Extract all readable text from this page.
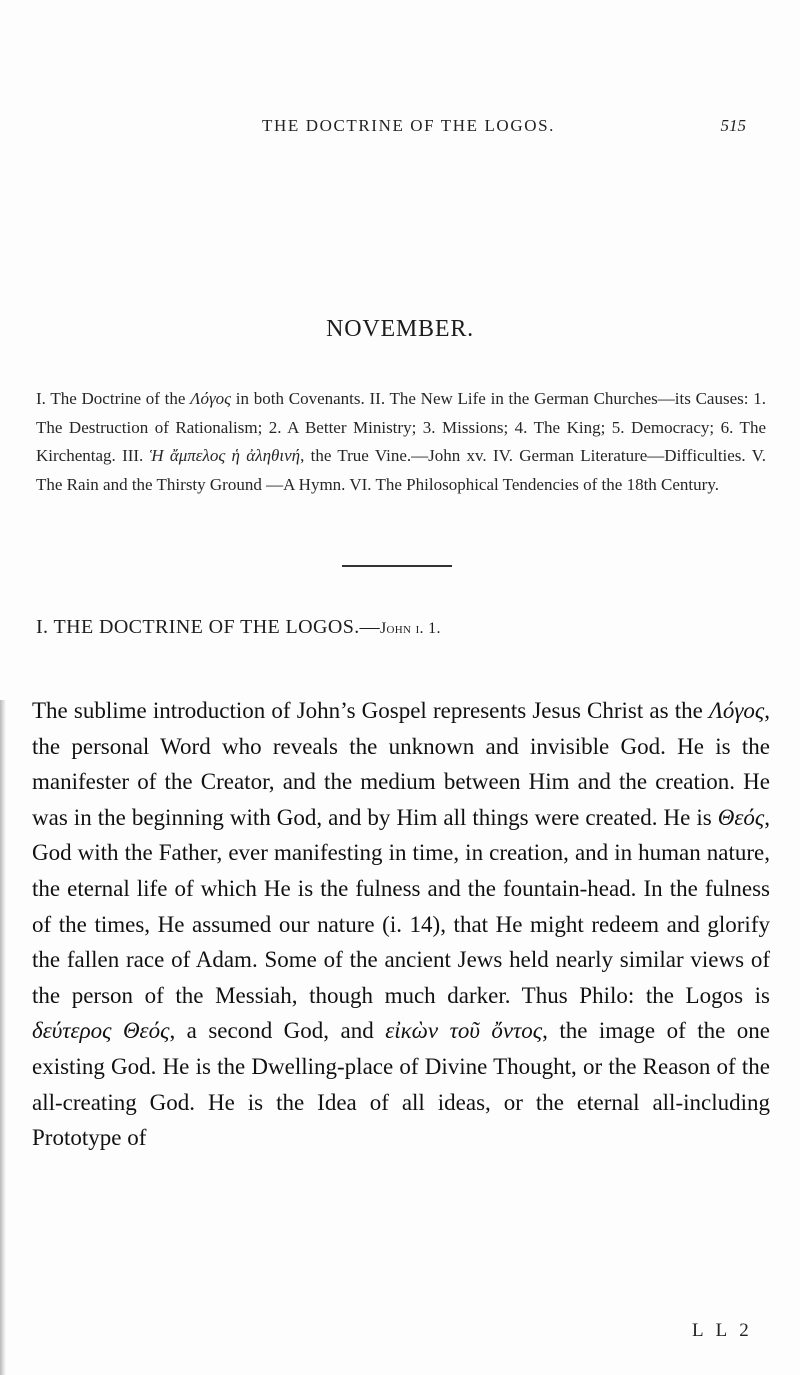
THE DOCTRINE OF THE LOGOS.	515
NOVEMBER.

I. The Doctrine of the Λόγος in both Covenants. II. The New Life in the German Churches—its Causes: 1. The Destruction of Rationalism; 2. A Better Ministry; 3. Missions; 4. The King; 5. Democracy; 6. The Kirchentag. III. Ἡ ἄμπελος ἡ ἀληθινή, the True Vine.—John xv. IV. German Literature—Difficulties. V. The Rain and the Thirsty Ground —A Hymn. VI. The Philosophical Tendencies of the 18th Century.

I. THE DOCTRINE OF THE LOGOS.—John i. 1.

The sublime introduction of John’s Gospel represents Jesus Christ as the Λόγος, the personal Word who reveals the unknown and invisible God. He is the manifester of the Creator, and the medium between Him and the creation. He was in the beginning with God, and by Him all things were created. He is Θεός, God with the Father, ever manifesting in time, in creation, and in human nature, the eternal life of which He is the fulness and the fountain-head. In the fulness of the times, He assumed our nature (i. 14), that He might redeem and glorify the fallen race of Adam. Some of the ancient Jews held nearly similar views of the person of the Messiah, though much darker. Thus Philo: the Logos is δεύτερος Θεός, a second God, and εἰκὼν τοῦ ὄντος, the image of the one existing God. He is the Dwelling-place of Divine Thought, or the Reason of the all-creating God. He is the Idea of all ideas, or the eternal all-including Prototype of

L L 2
